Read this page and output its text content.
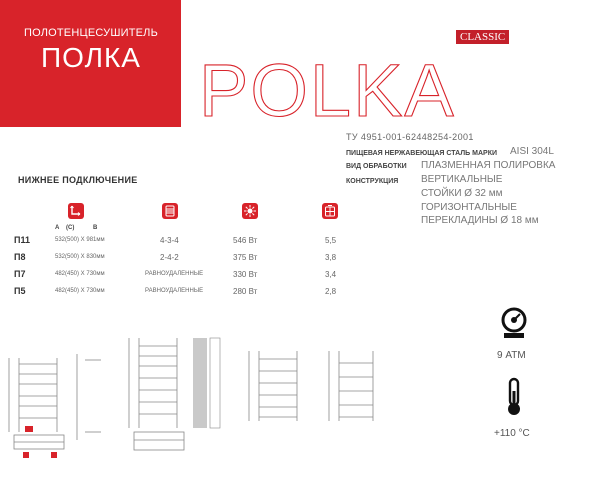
ПОЛОТЕНЦЕСУШИТЕЛЬ
ПОЛКА
CLASSIC
POLKA
ТУ 4951-001-62448254-2001
ПИЩЕВАЯ НЕРЖАВЕЮЩАЯ СТАЛЬ МАРКИ AISI 304L
ВИД ОБРАБОТКИ ПЛАЗМЕННАЯ ПОЛИРОВКА
КОНСТРУКЦИЯ ВЕРТИКАЛЬНЫЕ
СТОЙКИ Ø 32 мм
ГОРИЗОНТАЛЬНЫЕ
ПЕРЕКЛАДИНЫ Ø 18 мм
НИЖНЕЕ ПОДКЛЮЧЕНИЕ
А (С)	В
П11	532(500) Х 981мм	4-3-4	546 Вт	5,5
П8	532(500) Х 830мм	2-4-2	375 Вт	3,8
П7	482(450) Х 730мм	РАВНОУДАЛЕННЫЕ	330 Вт	3,4
П5	482(450) Х 730мм	РАВНОУДАЛЕННЫЕ	280 Вт	2,8
9 АТМ
+110 °С
